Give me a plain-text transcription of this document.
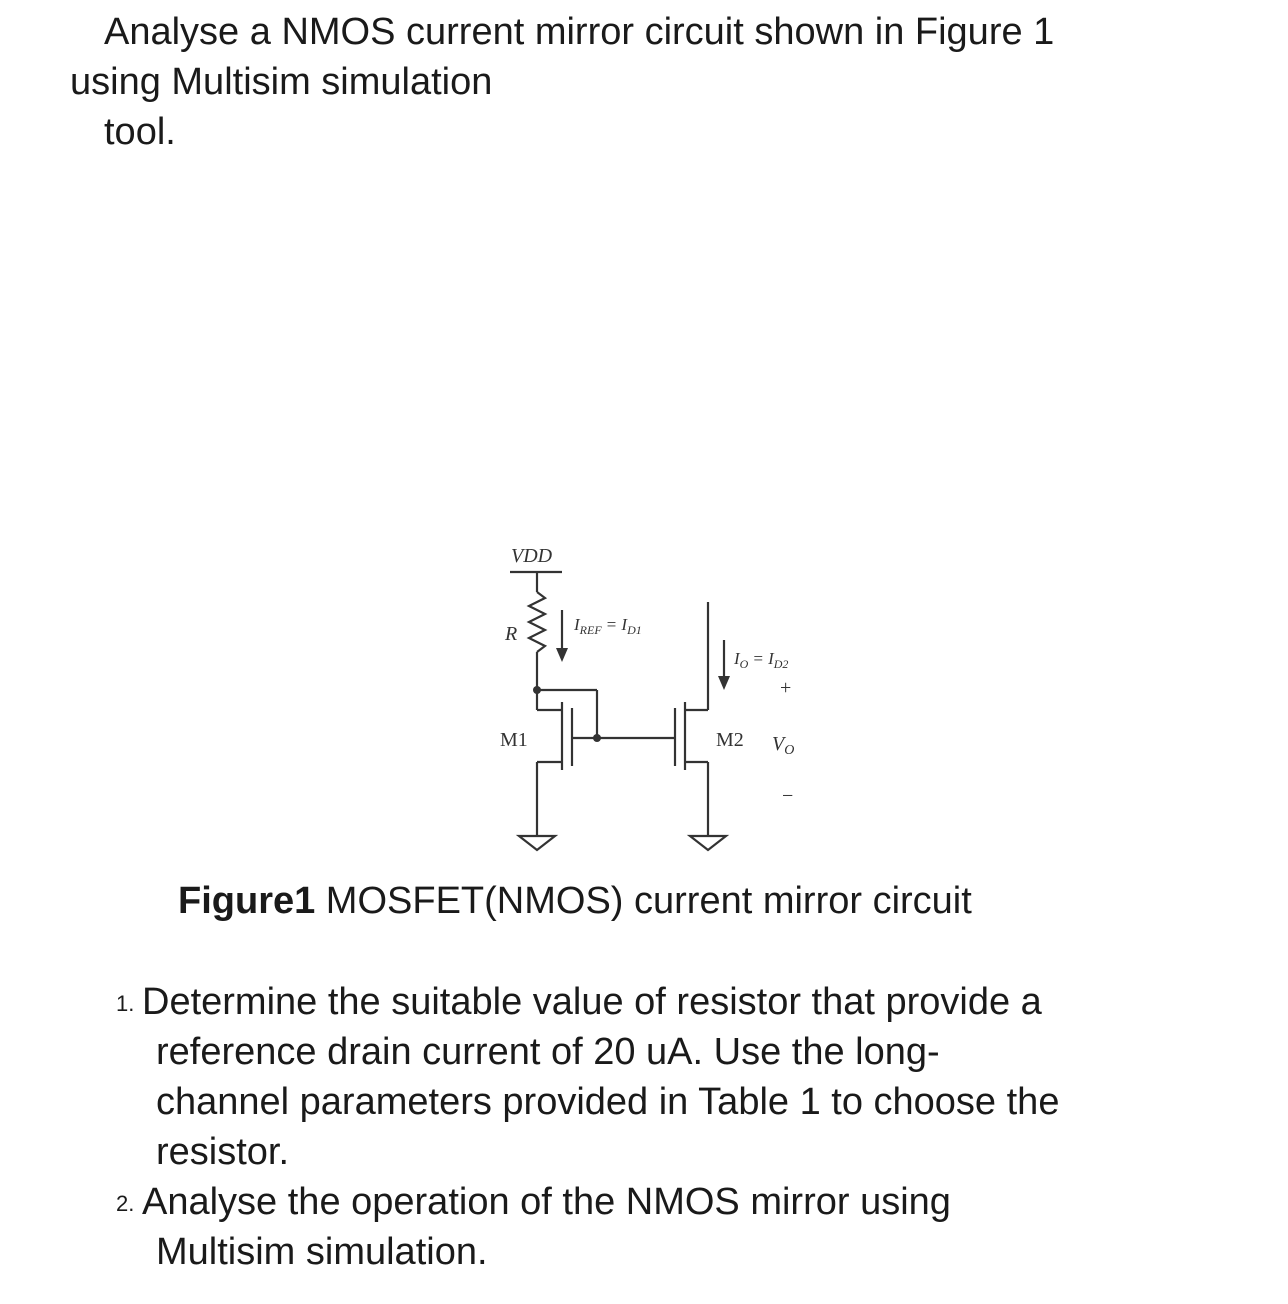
Analyse a NMOS current mirror circuit shown in Figure 1
using Multisim simulation
tool.
VDD
R	$I_{REF} = I_{D1}$
$I_O = I_{D2}$
+
M1	M2 $V_O$
−
Figure1 MOSFET(NMOS) current mirror circuit
1. Determine the suitable value of resistor that provide a
reference drain current of 20 uA. Use the long-
channel parameters provided in Table 1 to choose the
resistor.
2. Analyse the operation of the NMOS mirror using
Multisim simulation.
